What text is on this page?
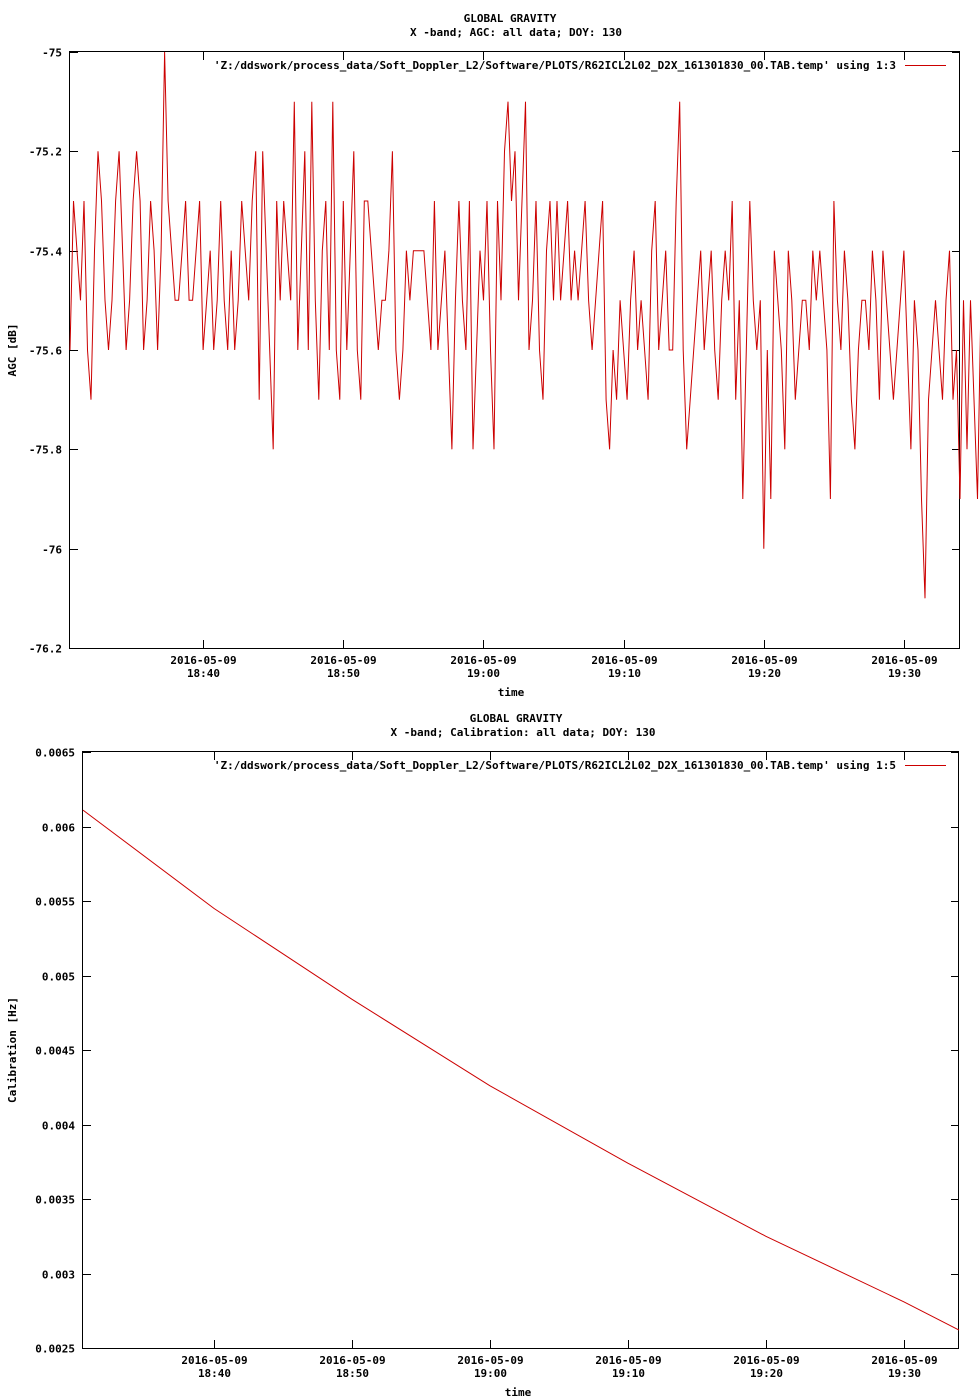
GLOBAL GRAVITY
X -band; AGC: all data; DOY: 130
-75
-75.2
-75.4
-75.6
-75.8
-76
-76.2
2016-05-09
18:40
2016-05-09
18:50
2016-05-09
19:00
2016-05-09
19:10
2016-05-09
19:20
2016-05-09
19:30
time
AGC [dB]
'Z:/ddswork/process_data/Soft_Doppler_L2/Software/PLOTS/R62ICL2L02_D2X_161301830_00.TAB.temp' using 1:3
GLOBAL GRAVITY
X -band; Calibration: all data; DOY: 130
0.0065
0.006
0.0055
0.005
0.0045
0.004
0.0035
0.003
0.0025
2016-05-09
18:40
2016-05-09
18:50
2016-05-09
19:00
2016-05-09
19:10
2016-05-09
19:20
2016-05-09
19:30
time
Calibration [Hz]
'Z:/ddswork/process_data/Soft_Doppler_L2/Software/PLOTS/R62ICL2L02_D2X_161301830_00.TAB.temp' using 1:5
